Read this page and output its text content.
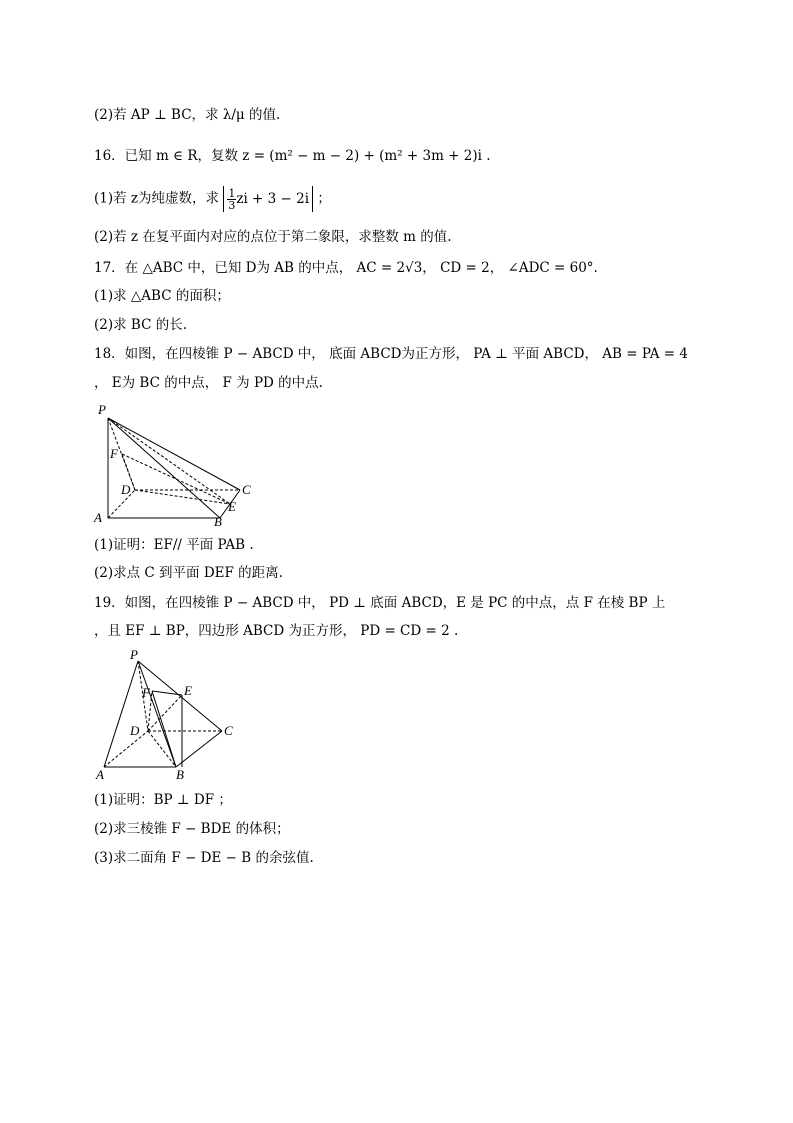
(2)若 AP ⊥ BC，求 λ/μ 的值.
16．已知 m ∈ R，复数 z = (m² − m − 2) + (m² + 3m + 2)i .
(1)若 z为纯虚数，求 $\frac{1}{3}$ zi + 3 − 2i ；
(2)若 z 在复平面内对应的点位于第二象限，求整数 m 的值.
17．在 △ABC 中，已知 D为 AB 的中点， AC = 2√3， CD = 2， ∠ADC = 60°.
(1)求 △ABC 的面积；
(2)求 BC 的长.
18．如图，在四棱锥 P − ABCD 中， 底面 ABCD为正方形， PA ⊥ 平面 ABCD， AB = PA = 4
， E为 BC 的中点， F 为 PD 的中点.
P
F
D	C
E
A	B
(1)证明：EF// 平面 PAB .
(2)求点 C 到平面 DEF 的距离.
19．如图，在四棱锥 P − ABCD 中， PD ⊥ 底面 ABCD，E 是 PC 的中点，点 F 在棱 BP 上
，且 EF ⊥ BP，四边形 ABCD 为正方形， PD = CD = 2 .
P
F	E
D	C
A	B
(1)证明：BP ⊥ DF ；
(2)求三棱锥 F − BDE 的体积；
(3)求二面角 F − DE − B 的余弦值.
